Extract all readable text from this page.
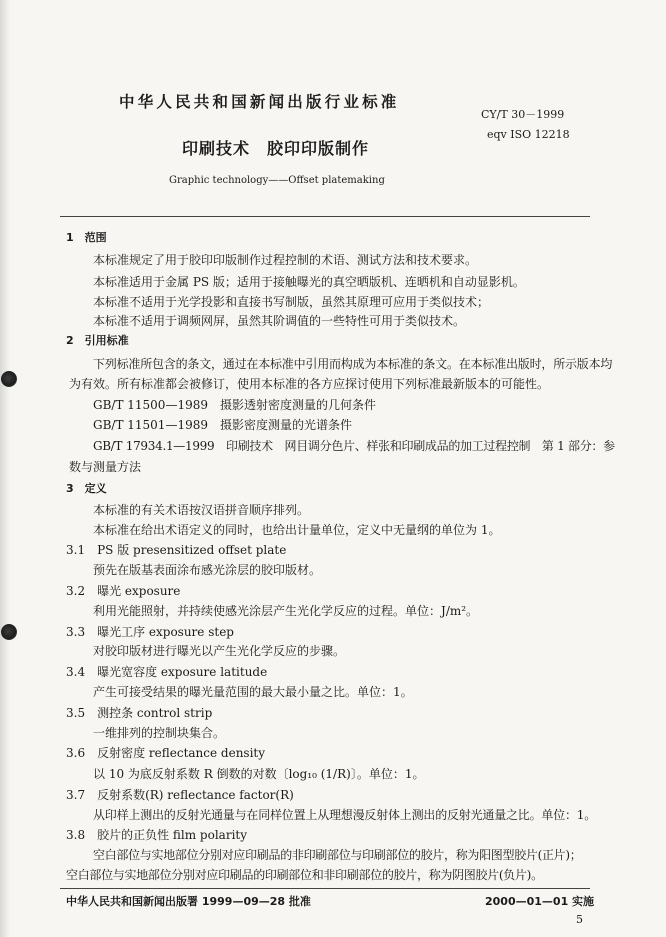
中华人民共和国新闻出版行业标准
CY/T 30－1999
eqv ISO 12218
印刷技术　胶印印版制作
Graphic technology——Offset platemaking
1　范围
本标准规定了用于胶印印版制作过程控制的术语、测试方法和技术要求。
本标准适用于金属 PS 版；适用于接触曝光的真空晒版机、连晒机和自动显影机。
本标准不适用于光学投影和直接书写制版，虽然其原理可应用于类似技术；
本标准不适用于调频网屏，虽然其阶调值的一些特性可用于类似技术。
2　引用标准
下列标准所包含的条文，通过在本标准中引用而构成为本标准的条文。在本标准出版时，所示版本均
为有效。所有标准都会被修订，使用本标准的各方应探讨使用下列标准最新版本的可能性。
GB/T 11500—1989　摄影透射密度测量的几何条件
GB/T 11501—1989　摄影密度测量的光谱条件
GB/T 17934.1—1999　印刷技术　网目调分色片、样张和印刷成品的加工过程控制　第 1 部分：参
数与测量方法
3　定义
本标准的有关术语按汉语拼音顺序排列。
本标准在给出术语定义的同时，也给出计量单位，定义中无量纲的单位为 1。
3.1　PS 版 presensitized offset plate
预先在版基表面涂布感光涂层的胶印版材。
3.2　曝光 exposure
利用光能照射，并持续使感光涂层产生光化学反应的过程。单位：J/m²。
3.3　曝光工序 exposure step
对胶印版材进行曝光以产生光化学反应的步骤。
3.4　曝光宽容度 exposure latitude
产生可接受结果的曝光量范围的最大最小量之比。单位：1。
3.5　测控条 control strip
一维排列的控制块集合。
3.6　反射密度 reflectance density
以 10 为底反射系数 R 倒数的对数〔log₁₀ (1/R)〕。单位：1。
3.7　反射系数(R) reflectance factor(R)
从印样上测出的反射光通量与在同样位置上从理想漫反射体上测出的反射光通量之比。单位：1。
3.8　胶片的正负性 film polarity
空白部位与实地部位分别对应印刷品的非印刷部位与印刷部位的胶片，称为阳图型胶片(正片)；
空白部位与实地部位分别对应印刷品的印刷部位和非印刷部位的胶片，称为阴图胶片(负片)。
中华人民共和国新闻出版署 1999—09—28 批准	2000—01—01 实施
5
